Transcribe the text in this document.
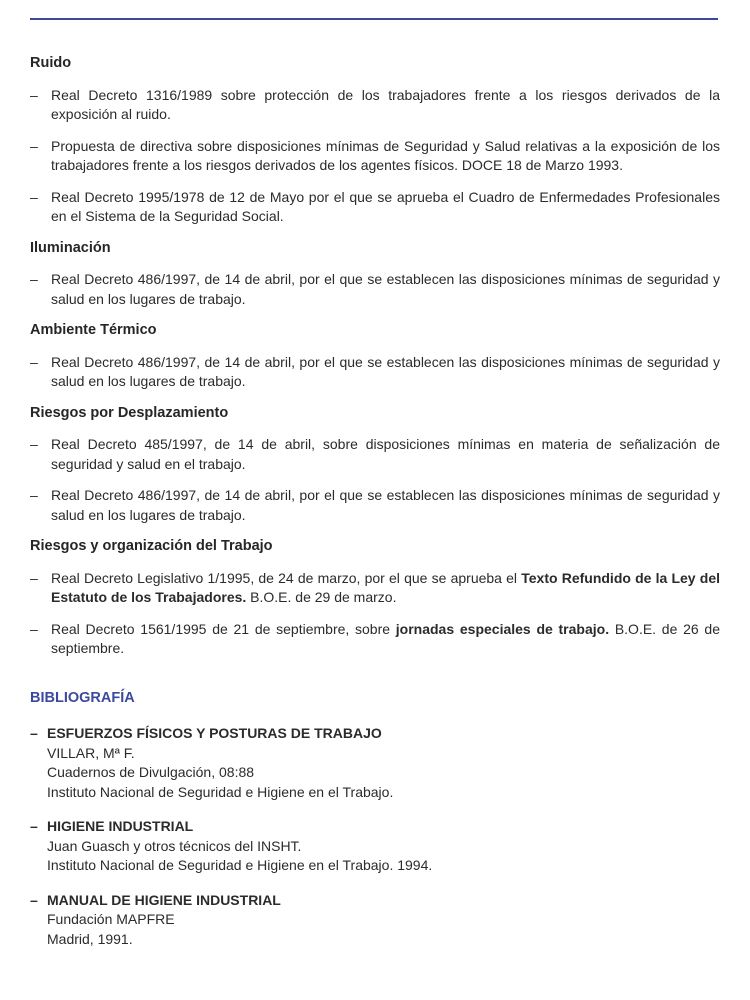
Ruido
– Real Decreto 1316/1989 sobre protección de los trabajadores frente a los riesgos derivados de la exposición al ruido.
– Propuesta de directiva sobre disposiciones mínimas de Seguridad y Salud relativas a la exposición de los trabajadores frente a los riesgos derivados de los agentes físicos. DOCE 18 de Marzo 1993.
– Real Decreto 1995/1978 de 12 de Mayo por el que se aprueba el Cuadro de Enfermedades Profesionales en el Sistema de la Seguridad Social.
Iluminación
– Real Decreto 486/1997, de 14 de abril, por el que se establecen las disposiciones mínimas de seguridad y salud en los lugares de trabajo.
Ambiente Térmico
– Real Decreto 486/1997, de 14 de abril, por el que se establecen las disposiciones mínimas de seguridad y salud en los lugares de trabajo.
Riesgos por Desplazamiento
– Real Decreto 485/1997, de 14 de abril, sobre disposiciones mínimas en materia de señalización de seguridad y salud en el trabajo.
– Real Decreto 486/1997, de 14 de abril, por el que se establecen las disposiciones mínimas de seguridad y salud en los lugares de trabajo.
Riesgos y organización del Trabajo
– Real Decreto Legislativo 1/1995, de 24 de marzo, por el que se aprueba el Texto Refundido de la Ley del Estatuto de los Trabajadores. B.O.E. de 29 de marzo.
– Real Decreto 1561/1995 de 21 de septiembre, sobre jornadas especiales de trabajo. B.O.E. de 26 de septiembre.
BIBLIOGRAFÍA
– ESFUERZOS FÍSICOS Y POSTURAS DE TRABAJO
VILLAR, Mª F.
Cuadernos de Divulgación, 08:88
Instituto Nacional de Seguridad e Higiene en el Trabajo.
– HIGIENE INDUSTRIAL
Juan Guasch y otros técnicos del INSHT.
Instituto Nacional de Seguridad e Higiene en el Trabajo. 1994.
– MANUAL DE HIGIENE INDUSTRIAL
Fundación MAPFRE
Madrid, 1991.
